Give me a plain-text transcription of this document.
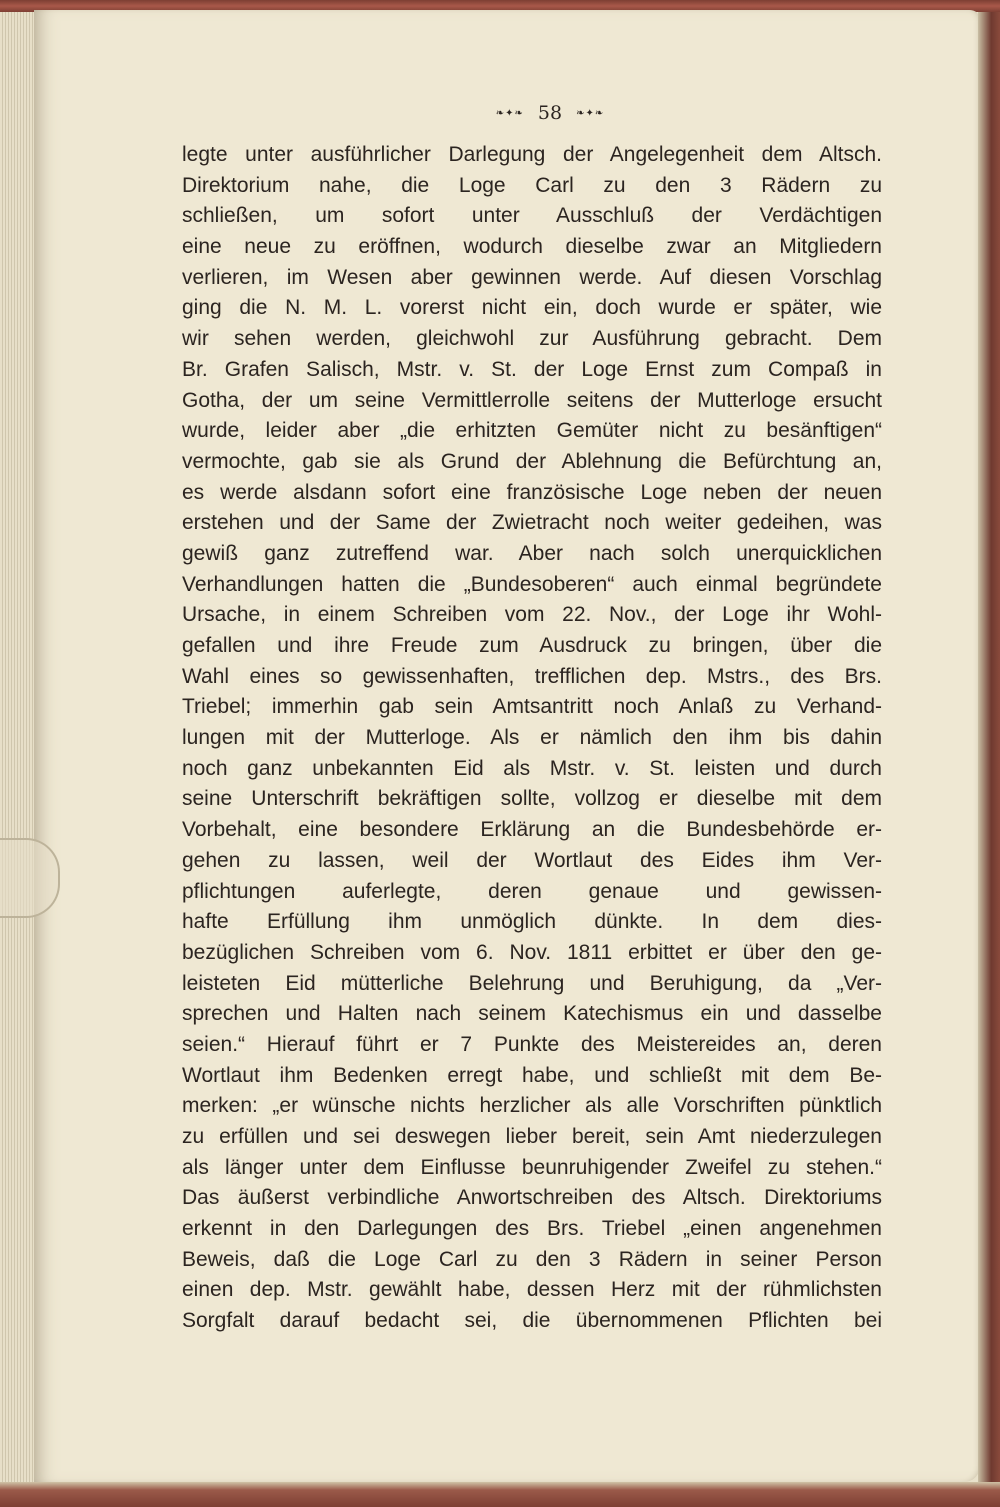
❧✦❧ 58 ❧✦❧
legte unter ausführlicher Darlegung der Angelegenheit dem Altsch.
Direktorium nahe, die Loge Carl zu den 3 Rädern zu
schließen, um sofort unter Ausschluß der Verdächtigen
eine neue zu eröffnen, wodurch dieselbe zwar an Mitgliedern
verlieren, im Wesen aber gewinnen werde. Auf diesen Vorschlag
ging die N. M. L. vorerst nicht ein, doch wurde er später, wie
wir sehen werden, gleichwohl zur Ausführung gebracht. Dem
Br. Grafen Salisch, Mstr. v. St. der Loge Ernst zum Compaß in
Gotha, der um seine Vermittlerrolle seitens der Mutterloge ersucht
wurde, leider aber „die erhitzten Gemüter nicht zu besänftigen“
vermochte, gab sie als Grund der Ablehnung die Befürchtung an,
es werde alsdann sofort eine französische Loge neben der neuen
erstehen und der Same der Zwietracht noch weiter gedeihen, was
gewiß ganz zutreffend war. Aber nach solch unerquicklichen
Verhandlungen hatten die „Bundesoberen“ auch einmal begründete
Ursache, in einem Schreiben vom 22. Nov., der Loge ihr Wohl-
gefallen und ihre Freude zum Ausdruck zu bringen, über die
Wahl eines so gewissenhaften, trefflichen dep. Mstrs., des Brs.
Triebel; immerhin gab sein Amtsantritt noch Anlaß zu Verhand-
lungen mit der Mutterloge. Als er nämlich den ihm bis dahin
noch ganz unbekannten Eid als Mstr. v. St. leisten und durch
seine Unterschrift bekräftigen sollte, vollzog er dieselbe mit dem
Vorbehalt, eine besondere Erklärung an die Bundesbehörde er-
gehen zu lassen, weil der Wortlaut des Eides ihm Ver-
pflichtungen auferlegte, deren genaue und gewissen-
hafte Erfüllung ihm unmöglich dünkte. In dem dies-
bezüglichen Schreiben vom 6. Nov. 1811 erbittet er über den ge-
leisteten Eid mütterliche Belehrung und Beruhigung, da „Ver-
sprechen und Halten nach seinem Katechismus ein und dasselbe
seien.“ Hierauf führt er 7 Punkte des Meistereides an, deren
Wortlaut ihm Bedenken erregt habe, und schließt mit dem Be-
merken: „er wünsche nichts herzlicher als alle Vorschriften pünktlich
zu erfüllen und sei deswegen lieber bereit, sein Amt niederzulegen
als länger unter dem Einflusse beunruhigender Zweifel zu stehen.“
Das äußerst verbindliche Anwortschreiben des Altsch. Direktoriums
erkennt in den Darlegungen des Brs. Triebel „einen angenehmen
Beweis, daß die Loge Carl zu den 3 Rädern in seiner Person
einen dep. Mstr. gewählt habe, dessen Herz mit der rühmlichsten
Sorgfalt darauf bedacht sei, die übernommenen Pflichten bei
